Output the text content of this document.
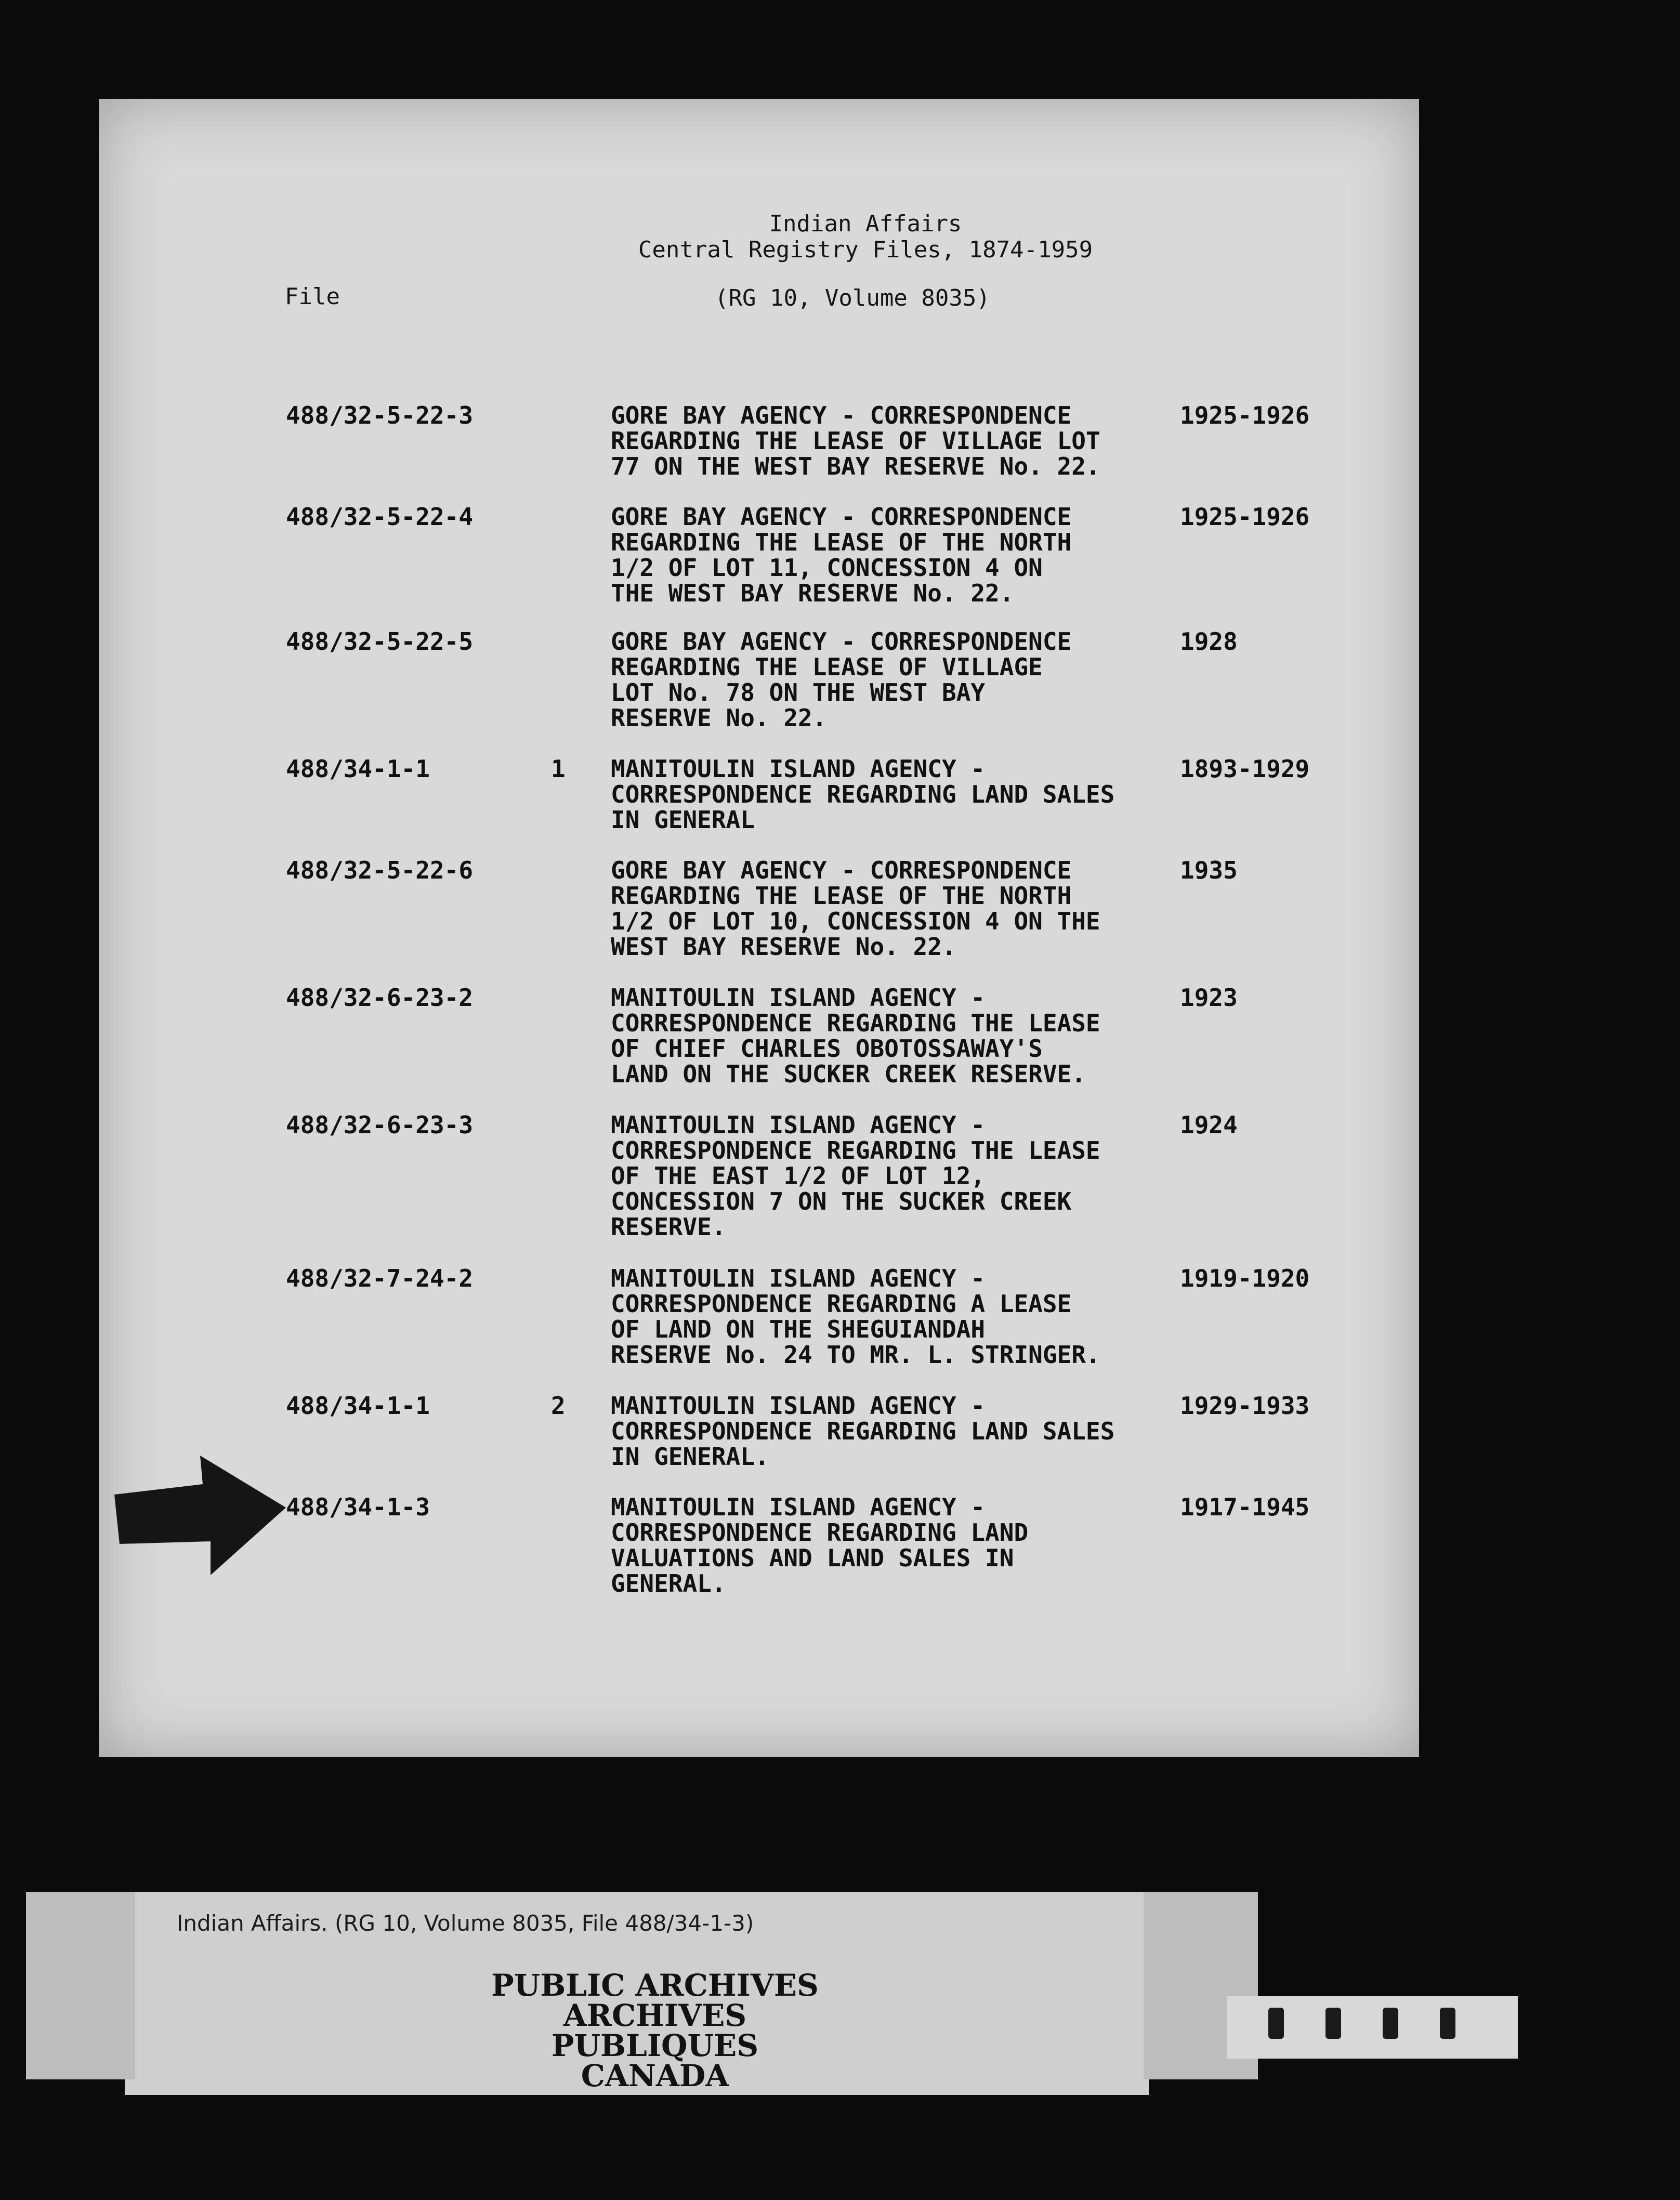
Indian Affairs
Central Registry Files, 1874-1959
File	(RG 10, Volume 8035)
488/32-5-22-3	GORE BAY AGENCY - CORRESPONDENCE
REGARDING THE LEASE OF VILLAGE LOT
77 ON THE WEST BAY RESERVE No. 22.
1925-1926
488/32-5-22-4	GORE BAY AGENCY - CORRESPONDENCE
REGARDING THE LEASE OF THE NORTH
1/2 OF LOT 11, CONCESSION 4 ON
THE WEST BAY RESERVE No. 22.
1925-1926
488/32-5-22-5	GORE BAY AGENCY - CORRESPONDENCE
REGARDING THE LEASE OF VILLAGE
LOT No. 78 ON THE WEST BAY
RESERVE No. 22.
1928
488/34-1-1	1 MANITOULIN ISLAND AGENCY -
CORRESPONDENCE REGARDING LAND SALES
IN GENERAL
1893-1929
488/32-5-22-6	GORE BAY AGENCY - CORRESPONDENCE
REGARDING THE LEASE OF THE NORTH
1/2 OF LOT 10, CONCESSION 4 ON THE
WEST BAY RESERVE No. 22.
1935
488/32-6-23-2	MANITOULIN ISLAND AGENCY -
CORRESPONDENCE REGARDING THE LEASE
OF CHIEF CHARLES OBOTOSSAWAY'S
LAND ON THE SUCKER CREEK RESERVE.
1923
488/32-6-23-3	MANITOULIN ISLAND AGENCY -
CORRESPONDENCE REGARDING THE LEASE
OF THE EAST 1/2 OF LOT 12,
CONCESSION 7 ON THE SUCKER CREEK
RESERVE.
1924
488/32-7-24-2	MANITOULIN ISLAND AGENCY -
CORRESPONDENCE REGARDING A LEASE
OF LAND ON THE SHEGUIANDAH
RESERVE No. 24 TO MR. L. STRINGER.
1919-1920
488/34-1-1	2 MANITOULIN ISLAND AGENCY -
CORRESPONDENCE REGARDING LAND SALES
IN GENERAL.
1929-1933
488/34-1-3	MANITOULIN ISLAND AGENCY -
CORRESPONDENCE REGARDING LAND
VALUATIONS AND LAND SALES IN
GENERAL.
1917-1945
Indian Affairs. (RG 10, Volume 8035, File 488/34-1-3)
PUBLIC ARCHIVES
ARCHIVES PUBLIQUES
CANADA
